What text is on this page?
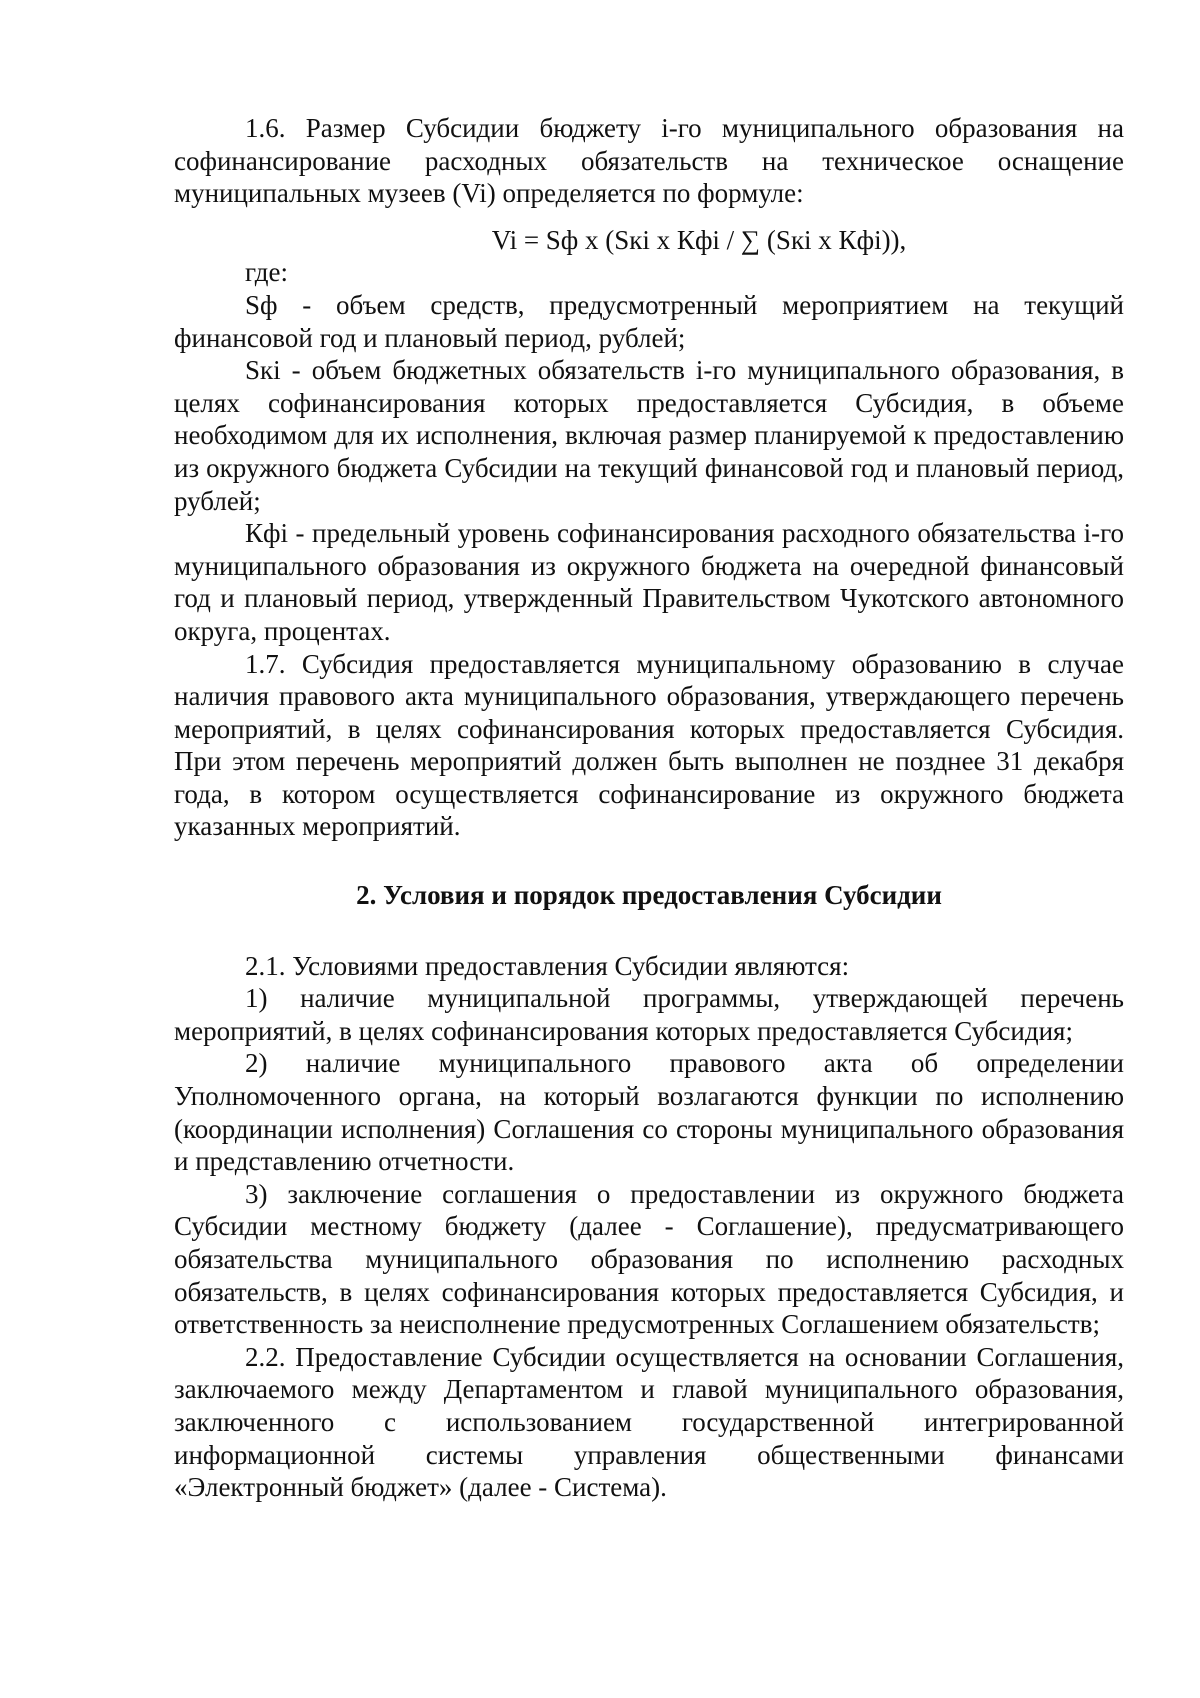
1.6. Размер Субсидии бюджету i-го муниципального образования на софинансирование расходных обязательств на техническое оснащение муниципальных музеев (Vi) определяется по формуле:

Vi = Sф x (Sкi x Кфi / ∑ (Sкi x Кфi)),

где:

Sф - объем средств, предусмотренный мероприятием на текущий финансовой год и плановый период, рублей;

Sкi - объем бюджетных обязательств i-го муниципального образования, в целях софинансирования которых предоставляется Субсидия, в объеме необходимом для их исполнения, включая размер планируемой к предоставлению из окружного бюджета Субсидии на текущий финансовой год и плановый период, рублей;

Кфi - предельный уровень софинансирования расходного обязательства i-го муниципального образования из окружного бюджета на очередной финансовый год и плановый период, утвержденный Правительством Чукотского автономного округа, процентах.

1.7. Субсидия предоставляется муниципальному образованию в случае наличия правового акта муниципального образования, утверждающего перечень мероприятий, в целях софинансирования которых предоставляется Субсидия. При этом перечень мероприятий должен быть выполнен не позднее 31 декабря года, в котором осуществляется софинансирование из окружного бюджета указанных мероприятий.

2. Условия и порядок предоставления Субсидии

2.1. Условиями предоставления Субсидии являются:

1) наличие муниципальной программы, утверждающей перечень мероприятий, в целях софинансирования которых предоставляется Субсидия;

2) наличие муниципального правового акта об определении Уполномоченного органа, на который возлагаются функции по исполнению (координации исполнения) Соглашения со стороны муниципального образования и представлению отчетности.

3) заключение соглашения о предоставлении из окружного бюджета Субсидии местному бюджету (далее - Соглашение), предусматривающего обязательства муниципального образования по исполнению расходных обязательств, в целях софинансирования которых предоставляется Субсидия, и ответственность за неисполнение предусмотренных Соглашением обязательств;

2.2. Предоставление Субсидии осуществляется на основании Соглашения, заключаемого между Департаментом и главой муниципального образования, заключенного с использованием государственной интегрированной информационной системы управления общественными финансами «Электронный бюджет» (далее - Система).
